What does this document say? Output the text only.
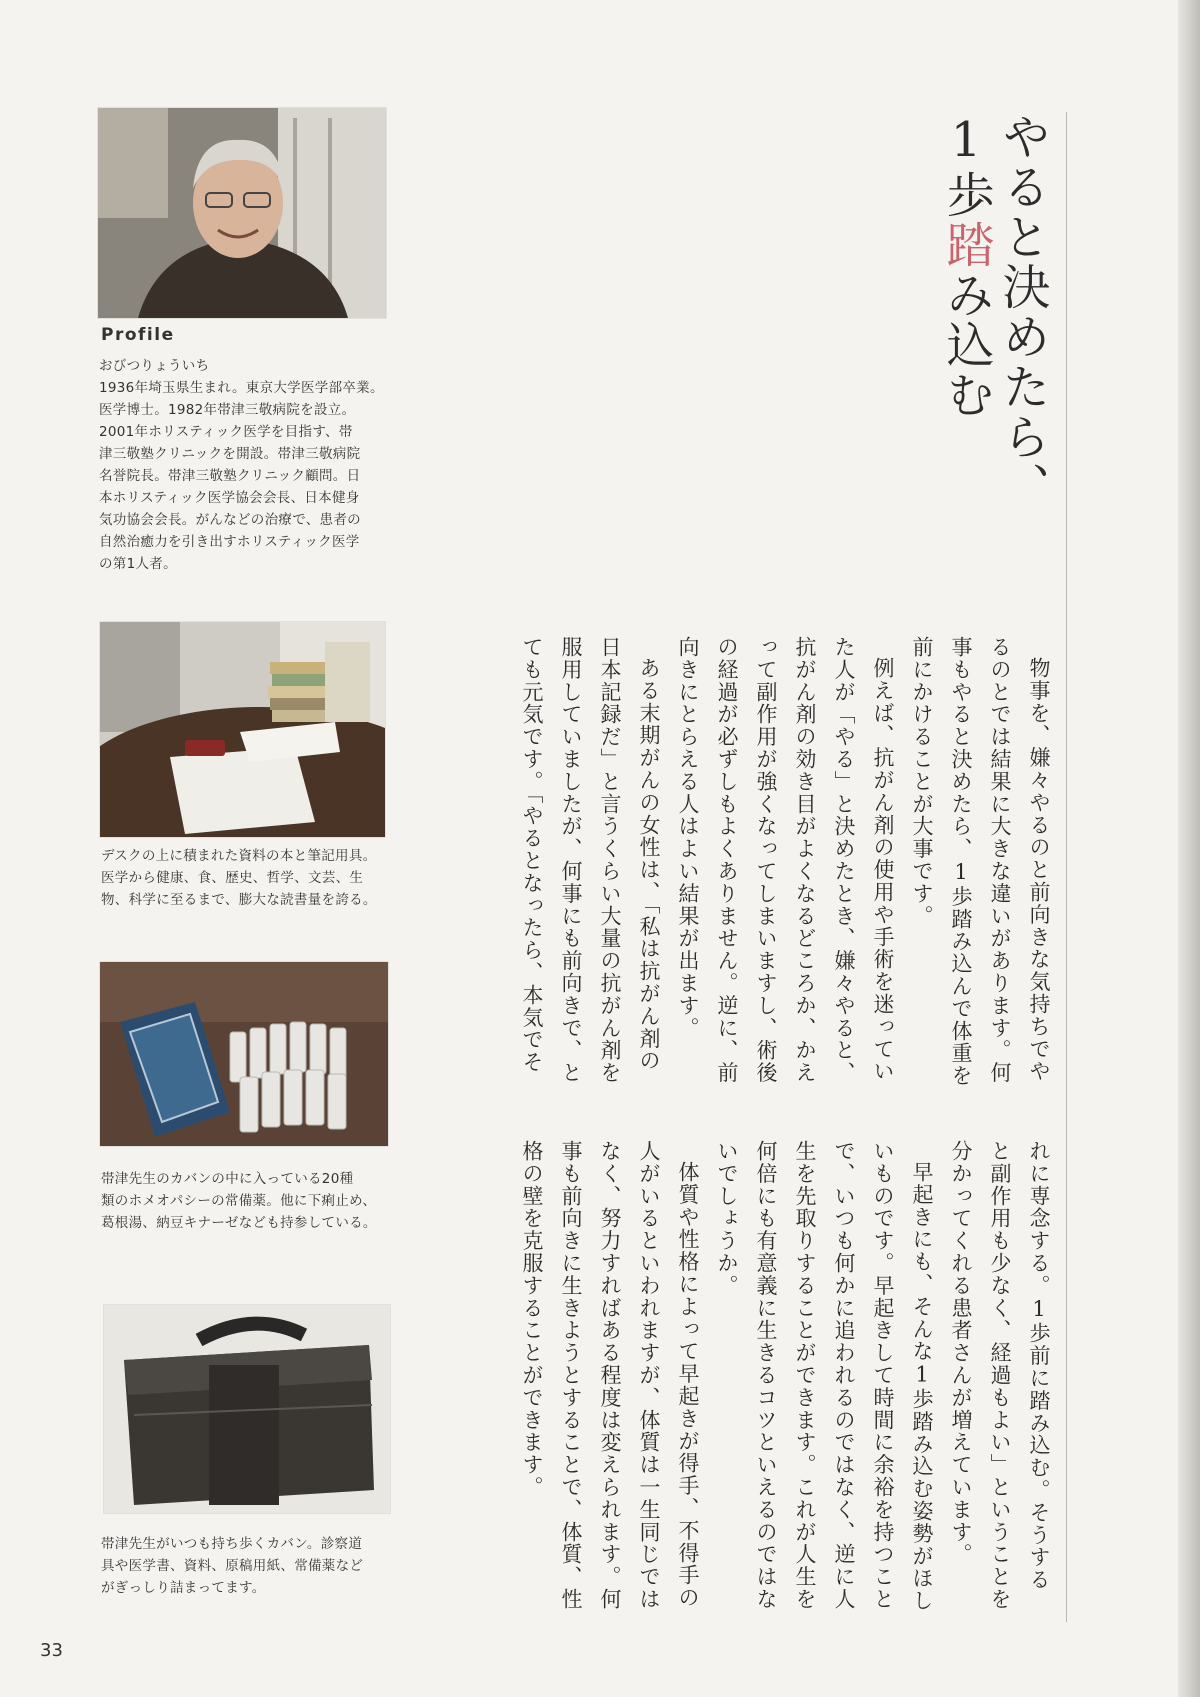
Profile
おびつりょういち
1936年埼玉県生まれ。東京大学医学部卒業。
医学博士。1982年帯津三敬病院を設立。
2001年ホリスティック医学を目指す、帯
津三敬塾クリニックを開設。帯津三敬病院
名誉院長。帯津三敬塾クリニック顧問。日
本ホリスティック医学協会会長、日本健身
気功協会会長。がんなどの治療で、患者の
自然治癒力を引き出すホリスティック医学
の第1人者。
デスクの上に積まれた資料の本と筆記用具。
医学から健康、食、歴史、哲学、文芸、生
物、科学に至るまで、膨大な読書量を誇る。
帯津先生のカバンの中に入っている20種
類のホメオパシーの常備薬。他に下痢止め、
葛根湯、納豆キナーゼなども持参している。
帯津先生がいつも持ち歩くカバン。診察道
具や医学書、資料、原稿用紙、常備薬など
がぎっしり詰まってます。
やると決めたら、
1歩踏み込む

物事を、嫌々やるのと前向きな気持ちでやるのとでは結果に大きな違いがあります。何事もやると決めたら、1歩踏み込んで体重を前にかけることが大事です。

例えば、抗がん剤の使用や手術を迷っていた人が「やる」と決めたとき、嫌々やると、抗がん剤の効き目がよくなるどころか、かえって副作用が強くなってしまいますし、術後の経過が必ずしもよくありません。逆に、前向きにとらえる人はよい結果が出ます。

ある末期がんの女性は、「私は抗がん剤の日本記録だ」と言うくらい大量の抗がん剤を服用していましたが、何事にも前向きで、とても元気です。「やるとなったら、本気でそ

れに専念する。1歩前に踏み込む。そうすると副作用も少なく、経過もよい」ということを分かってくれる患者さんが増えています。

早起きにも、そんな1歩踏み込む姿勢がほしいものです。早起きして時間に余裕を持つことで、いつも何かに追われるのではなく、逆に人生を先取りすることができます。これが人生を何倍にも有意義に生きるコツといえるのではないでしょうか。

体質や性格によって早起きが得手、不得手の人がいるといわれますが、体質は一生同じではなく、努力すればある程度は変えられます。何事も前向きに生きようとすることで、体質、性格の壁を克服することができます。

33
